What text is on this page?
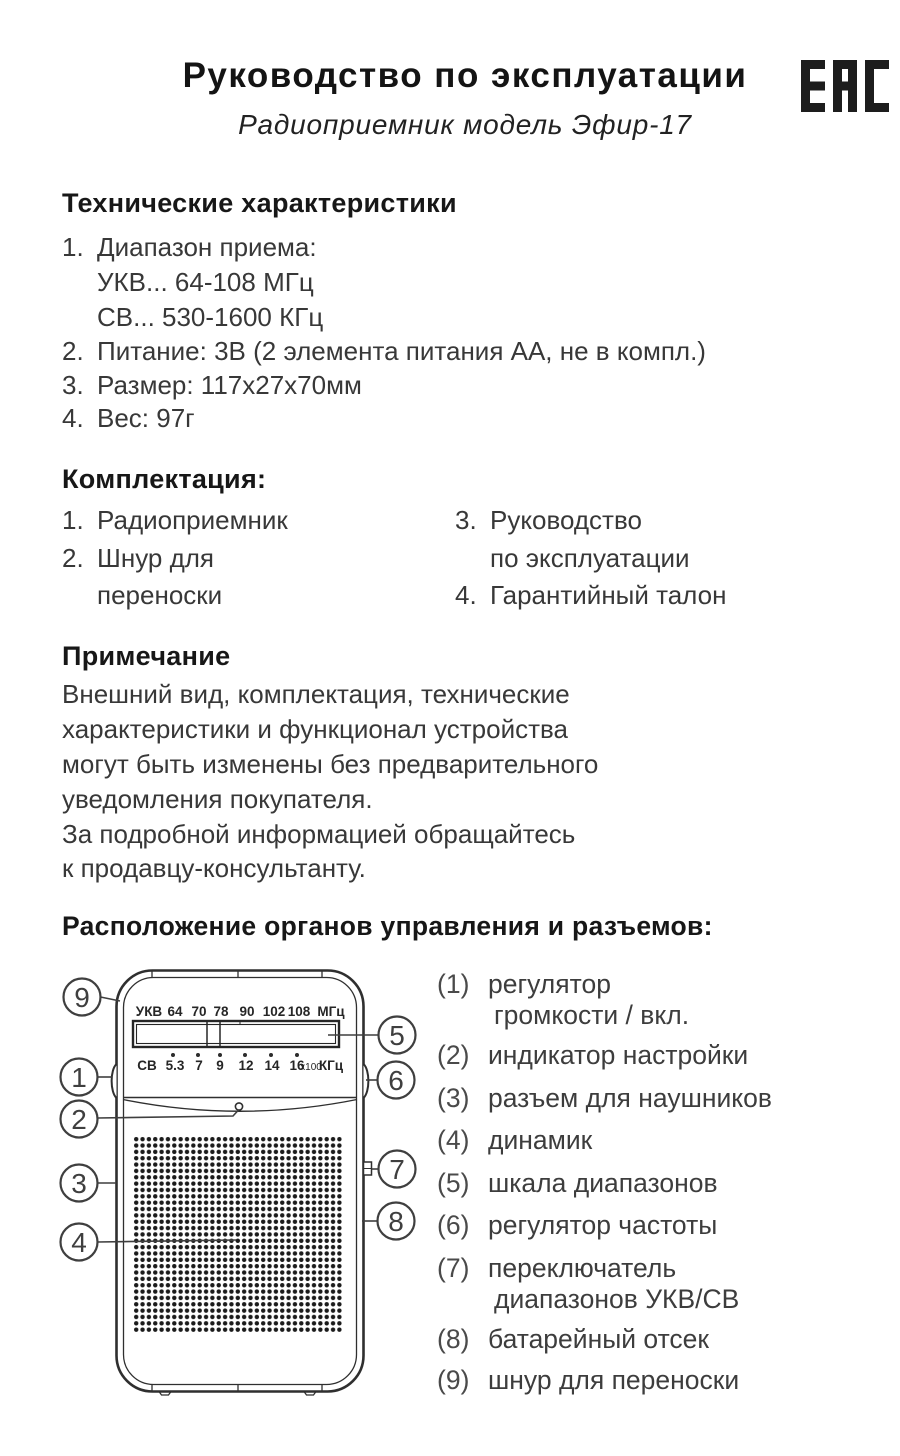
Руководство по эксплуатации
Радиоприемник модель Эфир-17
Технические характеристики
1. Диапазон приема:
УКВ... 64-108 МГц
СВ... 530-1600 КГц
2. Питание: 3В (2 элемента питания АА, не в компл.)
3. Размер: 117х27х70мм
4. Вес: 97г
Комплектация:
1. Радиоприемник
2. Шнур для
переноски
3. Руководство
по эксплуатации
4. Гарантийный талон
Примечание
Внешний вид, комплектация, технические
характеристики и функционал устройства
могут быть изменены без предварительного
уведомления покупателя.
За подробной информацией обращайтесь
к продавцу-консультанту.
Расположение органов управления и разъемов:
УКВ 64 70 78 90 102 108 МГц
СВ 5.3 7 9 12 14 16
х100
КГц
9
1
2
3
4
5
6
7
8
(1) регулятор
громкости / вкл.
(2) индикатор настройки
(3) разъем для наушников
(4) динамик
(5) шкала диапазонов
(6) регулятор частоты
(7) переключатель
диапазонов УКВ/СВ
(8) батарейный отсек
(9) шнур для переноски
